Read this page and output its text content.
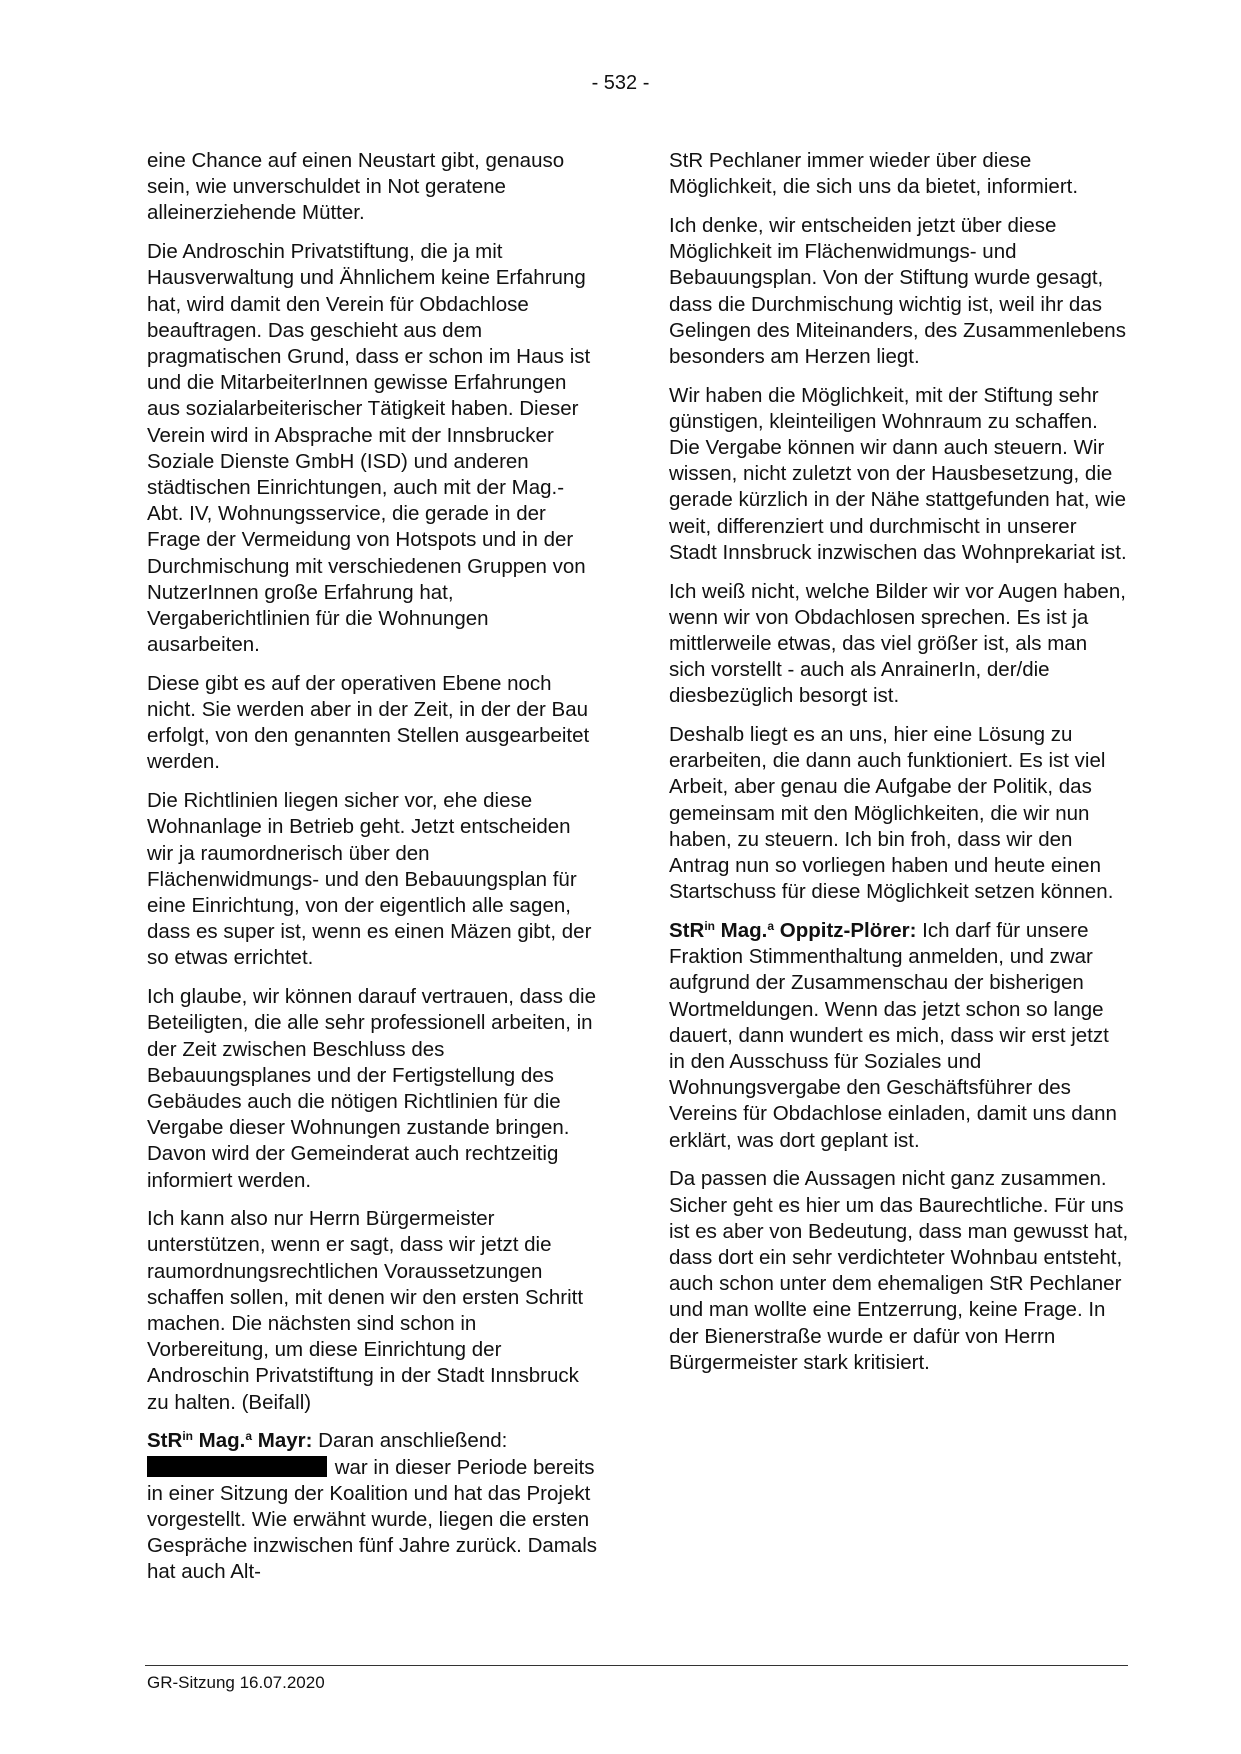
- 532 -

eine Chance auf einen Neustart gibt, genauso sein, wie unverschuldet in Not geratene alleinerziehende Mütter.

Die Androschin Privatstiftung, die ja mit Hausverwaltung und Ähnlichem keine Erfahrung hat, wird damit den Verein für Obdachlose beauftragen. Das geschieht aus dem pragmatischen Grund, dass er schon im Haus ist und die MitarbeiterInnen gewisse Erfahrungen aus sozialarbeiterischer Tätigkeit haben. Dieser Verein wird in Absprache mit der Innsbrucker Soziale Dienste GmbH (ISD) und anderen städtischen Einrichtungen, auch mit der Mag.-Abt. IV, Wohnungsservice, die gerade in der Frage der Vermeidung von Hotspots und in der Durchmischung mit verschiedenen Gruppen von NutzerInnen große Erfahrung hat, Vergaberichtlinien für die Wohnungen ausarbeiten.

Diese gibt es auf der operativen Ebene noch nicht. Sie werden aber in der Zeit, in der der Bau erfolgt, von den genannten Stellen ausgearbeitet werden.

Die Richtlinien liegen sicher vor, ehe diese Wohnanlage in Betrieb geht. Jetzt entscheiden wir ja raumordnerisch über den Flächenwidmungs- und den Bebauungsplan für eine Einrichtung, von der eigentlich alle sagen, dass es super ist, wenn es einen Mäzen gibt, der so etwas errichtet.

Ich glaube, wir können darauf vertrauen, dass die Beteiligten, die alle sehr professionell arbeiten, in der Zeit zwischen Beschluss des Bebauungsplanes und der Fertigstellung des Gebäudes auch die nötigen Richtlinien für die Vergabe dieser Wohnungen zustande bringen. Davon wird der Gemeinderat auch rechtzeitig informiert werden.

Ich kann also nur Herrn Bürgermeister unterstützen, wenn er sagt, dass wir jetzt die raumordnungsrechtlichen Voraussetzungen schaffen sollen, mit denen wir den ersten Schritt machen. Die nächsten sind schon in Vorbereitung, um diese Einrichtung der Androschin Privatstiftung in der Stadt Innsbruck zu halten. (Beifall)

StR$^{in}$ Mag.$^a$ Mayr: Daran anschließend:
war in dieser Periode bereits in einer Sitzung der Koalition und hat das Projekt vorgestellt. Wie erwähnt wurde, liegen die ersten Gespräche inzwischen fünf Jahre zurück. Damals hat auch Alt-

StR Pechlaner immer wieder über diese Möglichkeit, die sich uns da bietet, informiert.

Ich denke, wir entscheiden jetzt über diese Möglichkeit im Flächenwidmungs- und Bebauungsplan. Von der Stiftung wurde gesagt, dass die Durchmischung wichtig ist, weil ihr das Gelingen des Miteinanders, des Zusammenlebens besonders am Herzen liegt.

Wir haben die Möglichkeit, mit der Stiftung sehr günstigen, kleinteiligen Wohnraum zu schaffen. Die Vergabe können wir dann auch steuern. Wir wissen, nicht zuletzt von der Hausbesetzung, die gerade kürzlich in der Nähe stattgefunden hat, wie weit, differenziert und durchmischt in unserer Stadt Innsbruck inzwischen das Wohnprekariat ist.

Ich weiß nicht, welche Bilder wir vor Augen haben, wenn wir von Obdachlosen sprechen. Es ist ja mittlerweile etwas, das viel größer ist, als man sich vorstellt - auch als AnrainerIn, der/die diesbezüglich besorgt ist.

Deshalb liegt es an uns, hier eine Lösung zu erarbeiten, die dann auch funktioniert. Es ist viel Arbeit, aber genau die Aufgabe der Politik, das gemeinsam mit den Möglichkeiten, die wir nun haben, zu steuern. Ich bin froh, dass wir den Antrag nun so vorliegen haben und heute einen Startschuss für diese Möglichkeit setzen können.

StR$^{in}$ Mag.$^a$ Oppitz-Plörer: Ich darf für unsere Fraktion Stimmenthaltung anmelden, und zwar aufgrund der Zusammenschau der bisherigen Wortmeldungen. Wenn das jetzt schon so lange dauert, dann wundert es mich, dass wir erst jetzt in den Ausschuss für Soziales und Wohnungsvergabe den Geschäftsführer des Vereins für Obdachlose einladen, damit uns dann erklärt, was dort geplant ist.

Da passen die Aussagen nicht ganz zusammen. Sicher geht es hier um das Baurechtliche. Für uns ist es aber von Bedeutung, dass man gewusst hat, dass dort ein sehr verdichteter Wohnbau entsteht, auch schon unter dem ehemaligen StR Pechlaner und man wollte eine Entzerrung, keine Frage. In der Bienerstraße wurde er dafür von Herrn Bürgermeister stark kritisiert.

GR-Sitzung 16.07.2020
